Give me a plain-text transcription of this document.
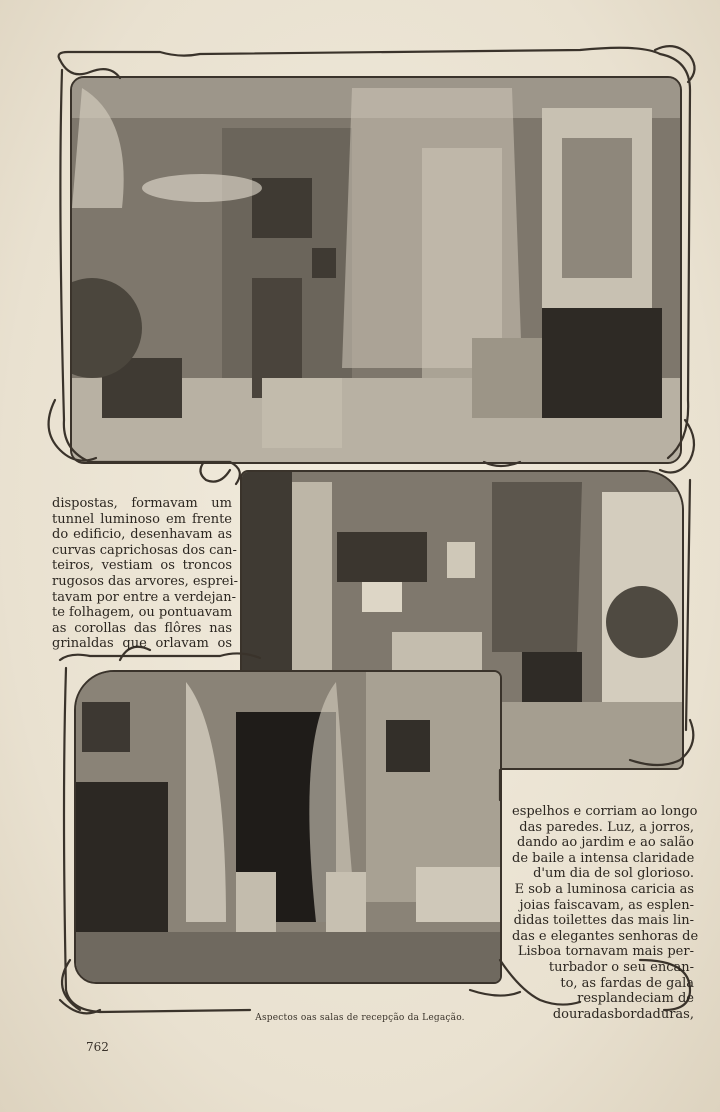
dispostas, formavam um
tunnel luminoso em frente
do edificio, desenhavam as
curvas caprichosas dos can-
teiros, vestiam os troncos
rugosos das arvores, esprei-
tavam por entre a verdejan-
te folhagem, ou pontuavam
as corollas das flôres nas
grinaldas que orlavam os
espelhos e corriam ao longo
das paredes. Luz, a jorros,
dando ao jardim e ao salão
de baile a intensa claridade
d'um dia de sol glorioso.
E sob a luminosa caricia as
joias faiscavam, as esplen-
didas toilettes das mais lin-
das e elegantes senhoras de
Lisboa tornavam mais per-
turbador o seu encan-
to, as fardas de gala
resplandeciam de
douradasbordaduras,
Aspectos oas salas de recepção da Legação.
762
